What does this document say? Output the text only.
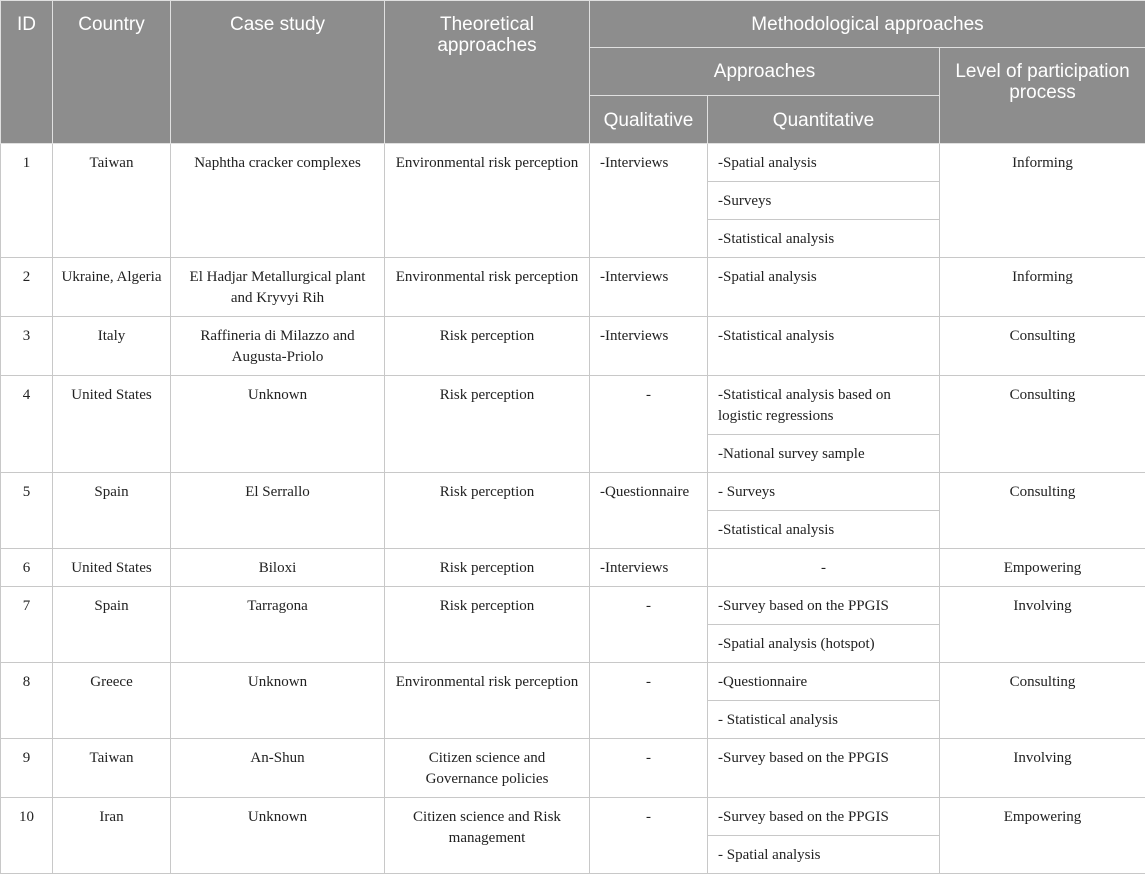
ID	Country	Case study	Theoretical approaches	Methodological approaches		
				Approaches		Level of participation process
				Qualitative	Quantitative	
1	Taiwan	Naphtha cracker complexes	Environmental risk perception	-Interviews	-Spatial analysis	Informing
					-Surveys	
					-Statistical analysis	
2	Ukraine, Algeria	El Hadjar Metallurgical plant and Kryvyi Rih	Environmental risk perception	-Interviews	-Spatial analysis	Informing
3	Italy	Raffineria di Milazzo and Augusta-Priolo	Risk perception	-Interviews	-Statistical analysis	Consulting
4	United States	Unknown	Risk perception	-	-Statistical analysis based on logistic regressions	Consulting
					-National survey sample	
5	Spain	El Serrallo	Risk perception	-Questionnaire	- Surveys	Consulting
					-Statistical analysis	
6	United States	Biloxi	Risk perception	-Interviews	-	Empowering
7	Spain	Tarragona	Risk perception	-	-Survey based on the PPGIS	Involving
					-Spatial analysis (hotspot)	
8	Greece	Unknown	Environmental risk perception	-	-Questionnaire	Consulting
					- Statistical analysis	
9	Taiwan	An-Shun	Citizen science and Governance policies	-	-Survey based on the PPGIS	Involving
10	Iran	Unknown	Citizen science and Risk management	-	-Survey based on the PPGIS	Empowering
					- Spatial analysis	
